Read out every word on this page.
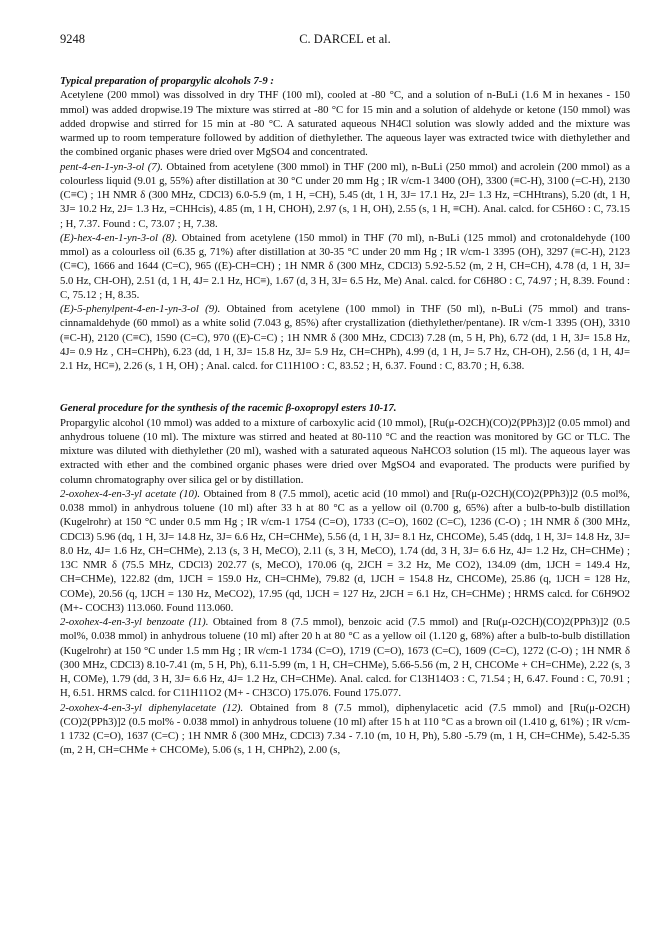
9248	C. DARCEL et al.

Typical preparation of propargylic alcohols 7-9 :

Acetylene (200 mmol) was dissolved in dry THF (100 ml), cooled at -80 °C, and a solution of n-BuLi (1.6 M in hexanes - 150 mmol) was added dropwise.19 The mixture was stirred at -80 °C for 15 min and a solution of aldehyde or ketone (150 mmol) was added dropwise and stirred for 15 min at -80 °C. A saturated aqueous NH4Cl solution was slowly added and the mixture was warmed up to room temperature followed by addition of diethylether. The aqueous layer was extracted twice with diethylether and the combined organic phases were dried over MgSO4 and concentrated.

pent-4-en-1-yn-3-ol (7). Obtained from acetylene (300 mmol) in THF (200 ml), n-BuLi (250 mmol) and acrolein (200 mmol) as a colourless liquid (9.01 g, 55%) after distillation at 30 °C under 20 mm Hg ; IR ν/cm-1 3400 (OH), 3300 (≡C-H), 3100 (=C-H), 2130 (C≡C) ; 1H NMR δ (300 MHz, CDCl3) 6.0-5.9 (m, 1 H, =CH), 5.45 (dt, 1 H, 3J= 17.1 Hz, 2J= 1.3 Hz, =CHHtrans), 5.20 (dt, 1 H, 3J= 10.2 Hz, 2J= 1.3 Hz, =CHHcis), 4.85 (m, 1 H, CHOH), 2.97 (s, 1 H, OH), 2.55 (s, 1 H, ≡CH). Anal. calcd. for C5H6O : C, 73.15 ; H, 7.37. Found : C, 73.07 ; H, 7.38.

(E)-hex-4-en-1-yn-3-ol (8). Obtained from acetylene (150 mmol) in THF (70 ml), n-BuLi (125 mmol) and crotonaldehyde (100 mmol) as a colourless oil (6.35 g, 71%) after distillation at 30-35 °C under 20 mm Hg ; IR ν/cm-1 3395 (OH), 3297 (≡C-H), 2123 (C≡C), 1666 and 1644 (C=C), 965 ((E)-CH=CH) ; 1H NMR δ (300 MHz, CDCl3) 5.92-5.52 (m, 2 H, CH=CH), 4.78 (d, 1 H, 3J= 5.0 Hz, CH-OH), 2.51 (d, 1 H, 4J= 2.1 Hz, HC≡), 1.67 (d, 3 H, 3J= 6.5 Hz, Me) Anal. calcd. for C6H8O : C, 74.97 ; H, 8.39. Found : C, 75.12 ; H, 8.35.

(E)-5-phenylpent-4-en-1-yn-3-ol (9). Obtained from acetylene (100 mmol) in THF (50 ml), n-BuLi (75 mmol) and trans-cinnamaldehyde (60 mmol) as a white solid (7.043 g, 85%) after crystallization (diethylether/pentane). IR ν/cm-1 3395 (OH), 3310 (≡C-H), 2120 (C≡C), 1590 (C=C), 970 ((E)-C=C) ; 1H NMR δ (300 MHz, CDCl3) 7.28 (m, 5 H, Ph), 6.72 (dd, 1 H, 3J= 15.8 Hz, 4J= 0.9 Hz , CH=CHPh), 6.23 (dd, 1 H, 3J= 15.8 Hz, 3J= 5.9 Hz, CH=CHPh), 4.99 (d, 1 H, J= 5.7 Hz, CH-OH), 2.56 (d, 1 H, 4J= 2.1 Hz, HC≡), 2.26 (s, 1 H, OH) ; Anal. calcd. for C11H10O : C, 83.52 ; H, 6.37. Found : C, 83.70 ; H, 6.38.

General procedure for the synthesis of the racemic β-oxopropyl esters 10-17.

Propargylic alcohol (10 mmol) was added to a mixture of carboxylic acid (10 mmol), [Ru(μ-O2CH)(CO)2(PPh3)]2 (0.05 mmol) and anhydrous toluene (10 ml). The mixture was stirred and heated at 80-110 °C and the reaction was monitored by GC or TLC. The mixture was diluted with diethylether (20 ml), washed with a saturated aqueous NaHCO3 solution (15 ml). The aqueous layer was extracted with ether and the combined organic phases were dried over MgSO4 and evaporated. The products were purified by column chromatography over silica gel or by distillation.

2-oxohex-4-en-3-yl acetate (10). Obtained from 8 (7.5 mmol), acetic acid (10 mmol) and [Ru(μ-O2CH)(CO)2(PPh3)]2 (0.5 mol%, 0.038 mmol) in anhydrous toluene (10 ml) after 33 h at 80 °C as a yellow oil (0.700 g, 65%) after a bulb-to-bulb distillation (Kugelrohr) at 150 °C under 0.5 mm Hg ; IR ν/cm-1 1754 (C=O), 1733 (C=O), 1602 (C=C), 1236 (C-O) ; 1H NMR δ (300 MHz, CDCl3) 5.96 (dq, 1 H, 3J= 14.8 Hz, 3J= 6.6 Hz, CH=CHMe), 5.56 (d, 1 H, 3J= 8.1 Hz, CHCOMe), 5.45 (ddq, 1 H, 3J= 14.8 Hz, 3J= 8.0 Hz, 4J= 1.6 Hz, CH=CHMe), 2.13 (s, 3 H, MeCO), 2.11 (s, 3 H, MeCO), 1.74 (dd, 3 H, 3J= 6.6 Hz, 4J= 1.2 Hz, CH=CHMe) ; 13C NMR δ (75.5 MHz, CDCl3) 202.77 (s, MeCO), 170.06 (q, 2JCH = 3.2 Hz, Me CO2), 134.09 (dm, 1JCH = 149.4 Hz, CH=CHMe), 122.82 (dm, 1JCH = 159.0 Hz, CH=CHMe), 79.82 (d, 1JCH = 154.8 Hz, CHCOMe), 25.86 (q, 1JCH = 128 Hz, COMe), 20.56 (q, 1JCH = 130 Hz, MeCO2), 17.95 (qd, 1JCH = 127 Hz, 2JCH = 6.1 Hz, CH=CHMe) ; HRMS calcd. for C6H9O2 (M+- COCH3) 113.060. Found 113.060.

2-oxohex-4-en-3-yl benzoate (11). Obtained from 8 (7.5 mmol), benzoic acid (7.5 mmol) and [Ru(μ-O2CH)(CO)2(PPh3)]2 (0.5 mol%, 0.038 mmol) in anhydrous toluene (10 ml) after 20 h at 80 °C as a yellow oil (1.120 g, 68%) after a bulb-to-bulb distillation (Kugelrohr) at 150 °C under 1.5 mm Hg ; IR ν/cm-1 1734 (C=O), 1719 (C=O), 1673 (C=C), 1609 (C=C), 1272 (C-O) ; 1H NMR δ (300 MHz, CDCl3) 8.10-7.41 (m, 5 H, Ph), 6.11-5.99 (m, 1 H, CH=CHMe), 5.66-5.56 (m, 2 H, CHCOMe + CH=CHMe), 2.22 (s, 3 H, COMe), 1.79 (dd, 3 H, 3J= 6.6 Hz, 4J= 1.2 Hz, CH=CHMe). Anal. calcd. for C13H14O3 : C, 71.54 ; H, 6.47. Found : C, 70.91 ; H, 6.51. HRMS calcd. for C11H11O2 (M+ - CH3CO) 175.076. Found 175.077.

2-oxohex-4-en-3-yl diphenylacetate (12). Obtained from 8 (7.5 mmol), diphenylacetic acid (7.5 mmol) and [Ru(μ-O2CH)(CO)2(PPh3)]2 (0.5 mol% - 0.038 mmol) in anhydrous toluene (10 ml) after 15 h at 110 °C as a brown oil (1.410 g, 61%) ; IR ν/cm-1 1732 (C=O), 1637 (C=C) ; 1H NMR δ (300 MHz, CDCl3) 7.34 - 7.10 (m, 10 H, Ph), 5.80 -5.79 (m, 1 H, CH=CHMe), 5.42-5.35 (m, 2 H, CH=CHMe + CHCOMe), 5.06 (s, 1 H, CHPh2), 2.00 (s,
